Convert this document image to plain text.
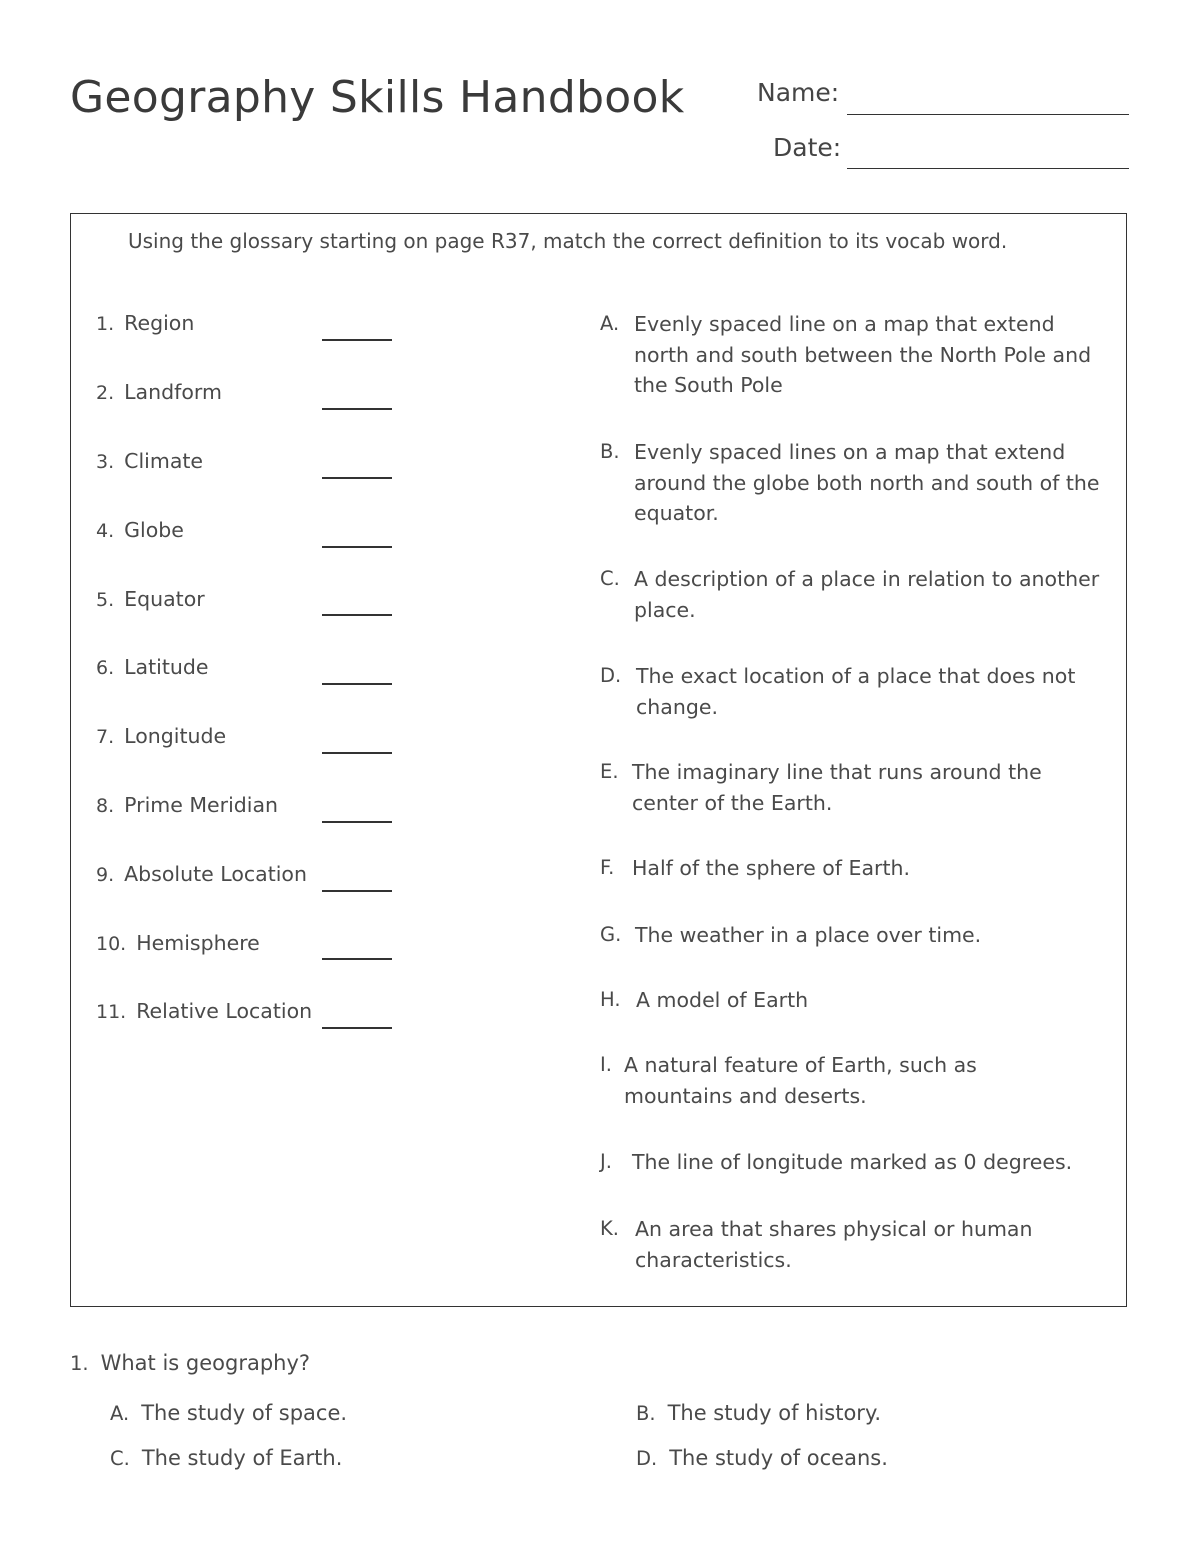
Geography Skills Handbook	Name:
Date:
Using the glossary starting on page R37, match the correct definition to its vocab word.
1. Region
2. Landform
3. Climate
4. Globe
5. Equator
6. Latitude
7. Longitude
8. Prime Meridian
9. Absolute Location
10. Hemisphere
11. Relative Location
A. Evenly spaced line on a map that extend north and south between the North Pole and the South Pole
B. Evenly spaced lines on a map that extend around the globe both north and south of the equator.
C. A description of a place in relation to another place.
D. The exact location of a place that does not change.
E. The imaginary line that runs around the center of the Earth.
F. Half of the sphere of Earth.
G. The weather in a place over time.
H. A model of Earth
I. A natural feature of Earth, such as mountains and deserts.
J. The line of longitude marked as 0 degrees.
K. An area that shares physical or human characteristics.
1. What is geography?
A. The study of space.	B. The study of history.
C. The study of Earth.	D. The study of oceans.
